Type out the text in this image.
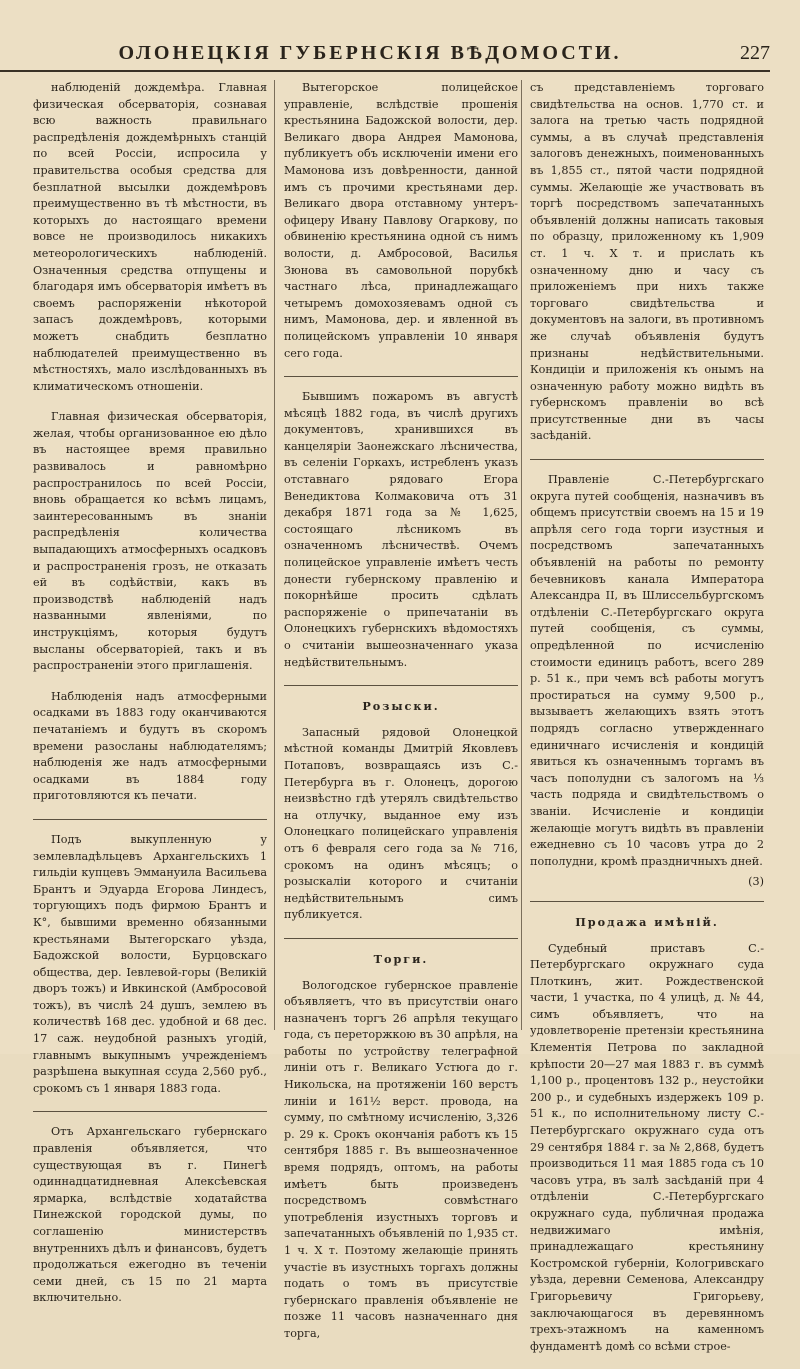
ОЛОНЕЦКІЯ ГУБЕРНСКІЯ ВѢДОМОСТИ.	227

наблюденій дождемѣра. Главная физическая обсерваторія, сознавая всю важность правильнаго распредѣленія дождемѣрныхъ станцій по всей Россіи, испросила у правительства особыя средства для безплатной высылки дождемѣровъ преимущественно въ тѣ мѣстности, въ которыхъ до настоящаго времени вовсе не производилось никакихъ метеорологическихъ наблюденій. Означенныя средства отпущены и благодаря имъ обсерваторія имѣетъ въ своемъ распоряженіи нѣкоторой запасъ дождемѣровъ, которыми можетъ снабдить безплатно наблюдателей преимущественно въ мѣстностяхъ, мало изслѣдованныхъ въ климатическомъ отношеніи.

Главная физическая обсерваторія, желая, чтобы организованное ею дѣло въ настоящее время правильно развивалось и равномѣрно распространилось по всей Россіи, вновь обращается ко всѣмъ лицамъ, заинтересованнымъ въ знаніи распредѣленія количества выпадающихъ атмосферныхъ осадковъ и распространенія грозъ, не отказать ей въ содѣйствіи, какъ въ производствѣ наблюденій надъ названными явленіями, по инструкціямъ, которыя будутъ высланы обсерваторіей, такъ и въ распространеніи этого приглашенія.

Наблюденія надъ атмосферными осадками въ 1883 году оканчиваются печатаніемъ и будутъ въ скоромъ времени разосланы наблюдателямъ; наблюденія же надъ атмосферными осадками въ 1884 году приготовляются къ печати.

Подъ выкупленную у землевладѣльцевъ Архангельскихъ 1 гильдіи купцевъ Эммануила Васильева Брантъ и Эдуарда Егорова Линдесъ, торгующихъ подъ фирмою Брантъ и К°, бывшими временно обязанными крестьянами Вытегорскаго уѣзда, Бадожской волости, Бурцовскаго общества, дер. Іевлевой-горы (Великій дворъ тожъ) и Ивкинской (Амбросовой тожъ), въ числѣ 24 душъ, землею въ количествѣ 168 дес. удобной и 68 дес. 17 саж. неудобной разныхъ угодій, главнымъ выкупнымъ учрежденіемъ разрѣшена выкупная ссуда 2,560 руб., срокомъ съ 1 января 1883 года.

Отъ Архангельскаго губернскаго правленія объявляется, что существующая въ г. Пинегѣ одиннадцатидневная Алексѣевская ярмарка, вслѣдствіе ходатайства Пинежской городской думы, по соглашенію министерствъ внутреннихъ дѣлъ и финансовъ, будетъ продолжаться ежегодно въ теченіи семи дней, съ 15 по 21 марта включительно.

Вытегорское полицейское управленіе, вслѣдствіе прошенія крестьянина Бадожской волости, дер. Великаго двора Андрея Мамонова, публикуетъ объ исключеніи имени его Мамонова изъ довѣренности, данной имъ съ прочими крестьянами дер. Великаго двора отставному унтеръ-офицеру Ивану Павлову Огаркову, по обвиненію крестьянина одной съ нимъ волости, д. Амбросовой, Василья Зюнова въ самовольной порубкѣ частнаго лѣса, принадлежащаго четыремъ домохозяевамъ одной съ нимъ, Мамонова, дер. и явленной въ полицейскомъ управленіи 10 января сего года.

Бывшимъ пожаромъ въ августѣ мѣсяцѣ 1882 года, въ числѣ другихъ документовъ, хранившихся въ канцеляріи Заонежскаго лѣсничества, въ селеніи Горкахъ, истребленъ указъ отставнаго рядоваго Егора Венедиктова Колмаковича отъ 31 декабря 1871 года за № 1,625, состоящаго лѣсникомъ въ означенномъ лѣсничествѣ. Очемъ полицейское управленіе имѣетъ честь донести губернскому правленію и покорнѣйше просить сдѣлать распоряженіе о припечатаніи въ Олонецкихъ губернскихъ вѣдомостяхъ о считаніи вышеозначеннаго указа недѣйствительнымъ.

Розыски.

Запасный рядовой Олонецкой мѣстной команды Дмитрій Яковлевъ Потаповъ, возвращаясь изъ С.-Петербурга въ г. Олонецъ, дорогою неизвѣстно гдѣ утерялъ свидѣтельство на отлучку, выданное ему изъ Олонецкаго полицейскаго управленія отъ 6 февраля сего года за № 716, срокомъ на одинъ мѣсяцъ; о розыскаліи которого и считаніи недѣйствительнымъ симъ публикуется.

Торги.

Вологодское губернское правленіе объявляетъ, что въ присутствіи онаго назначенъ торгъ 26 апрѣля текущаго года, съ переторжкою въ 30 апрѣля, на работы по устройству телеграфной линіи отъ г. Великаго Устюга до г. Никольска, на протяженіи 160 верстъ линіи и 161½ верст. провода, на сумму, по смѣтному исчисленію, 3,326 р. 29 к. Срокъ окончанія работъ къ 15 сентября 1885 г. Въ вышеозначенное время подрядъ, оптомъ, на работы имѣетъ быть произведенъ посредствомъ совмѣстнаго употребленія изустныхъ торговъ и запечатанныхъ объявленій по 1,935 ст. 1 ч. Х т. Поэтому желающіе принять участіе въ изустныхъ торгахъ должны подать о томъ въ присутствіе губернскаго правленія объявленіе не позже 11 часовъ назначеннаго дня торга,

съ представленіемъ торговаго свидѣтельства на основ. 1,770 ст. и залога на третью часть подрядной суммы, а въ случаѣ представленія залоговъ денежныхъ, поименованныхъ въ 1,855 ст., пятой части подрядной суммы. Желающіе же участвовать въ торгѣ посредствомъ запечатанныхъ объявленій должны написать таковыя по образцу, приложенному къ 1,909 ст. 1 ч. Х т. и прислать къ означенному дню и часу съ приложеніемъ при нихъ также торговаго свидѣтельства и документовъ на залоги, въ противномъ же случаѣ объявленія будутъ признаны недѣйствительными. Кондиціи и приложенія къ онымъ на означенную работу можно видѣть въ губернскомъ правленіи во всѣ присутственные дни въ часы засѣданій.

Правленіе С.-Петербургскаго округа путей сообщенія, назначивъ въ общемъ присутствіи своемъ на 15 и 19 апрѣля сего года торги изустныя и посредствомъ запечатанныхъ объявленій на работы по ремонту бечевниковъ канала Императора Александра II, въ Шлиссельбургскомъ отдѣленіи С.-Петербургскаго округа путей сообщенія, съ суммы, опредѣленной по исчисленію стоимости единицъ работъ, всего 289 р. 51 к., при чемъ всѣ работы могутъ простираться на сумму 9,500 р., вызываетъ желающихъ взять этотъ подрядъ согласно утвержденнаго единичнаго исчисленія и кондицій явиться къ означеннымъ торгамъ въ часъ пополудни съ залогомъ на ⅓ часть подряда и свидѣтельствомъ о званіи. Исчисленіе и кондиціи желающіе могутъ видѣть въ правленіи ежедневно съ 10 часовъ утра до 2 пополудни, кромѣ праздничныхъ дней.

(3)
Продажа имѣній.

Судебный приставъ С.-Петербургскаго окружнаго суда Плоткинъ, жит. Рождественской части, 1 участка, по 4 улицѣ, д. № 44, симъ объявляетъ, что на удовлетвореніе претензіи крестьянина Клементія Петрова по закладной крѣпости 20—27 мая 1883 г. въ суммѣ 1,100 р., процентовъ 132 р., неустойки 200 р., и судебныхъ издержекъ 109 р. 51 к., по исполнительному листу С.-Петербургскаго окружнаго суда отъ 29 сентября 1884 г. за № 2,868, будетъ производиться 11 мая 1885 года съ 10 часовъ утра, въ залѣ засѣданій при 4 отдѣленіи С.-Петербургскаго окружнаго суда, публичная продажа недвижимаго имѣнія, принадлежащаго крестьянину Костромской губерніи, Кологривскаго уѣзда, деревни Семенова, Александру Григорьевичу Григорьеву, заключающагося въ деревянномъ трехъ-этажномъ на каменномъ фундаментѣ домѣ со всѣми строе-
